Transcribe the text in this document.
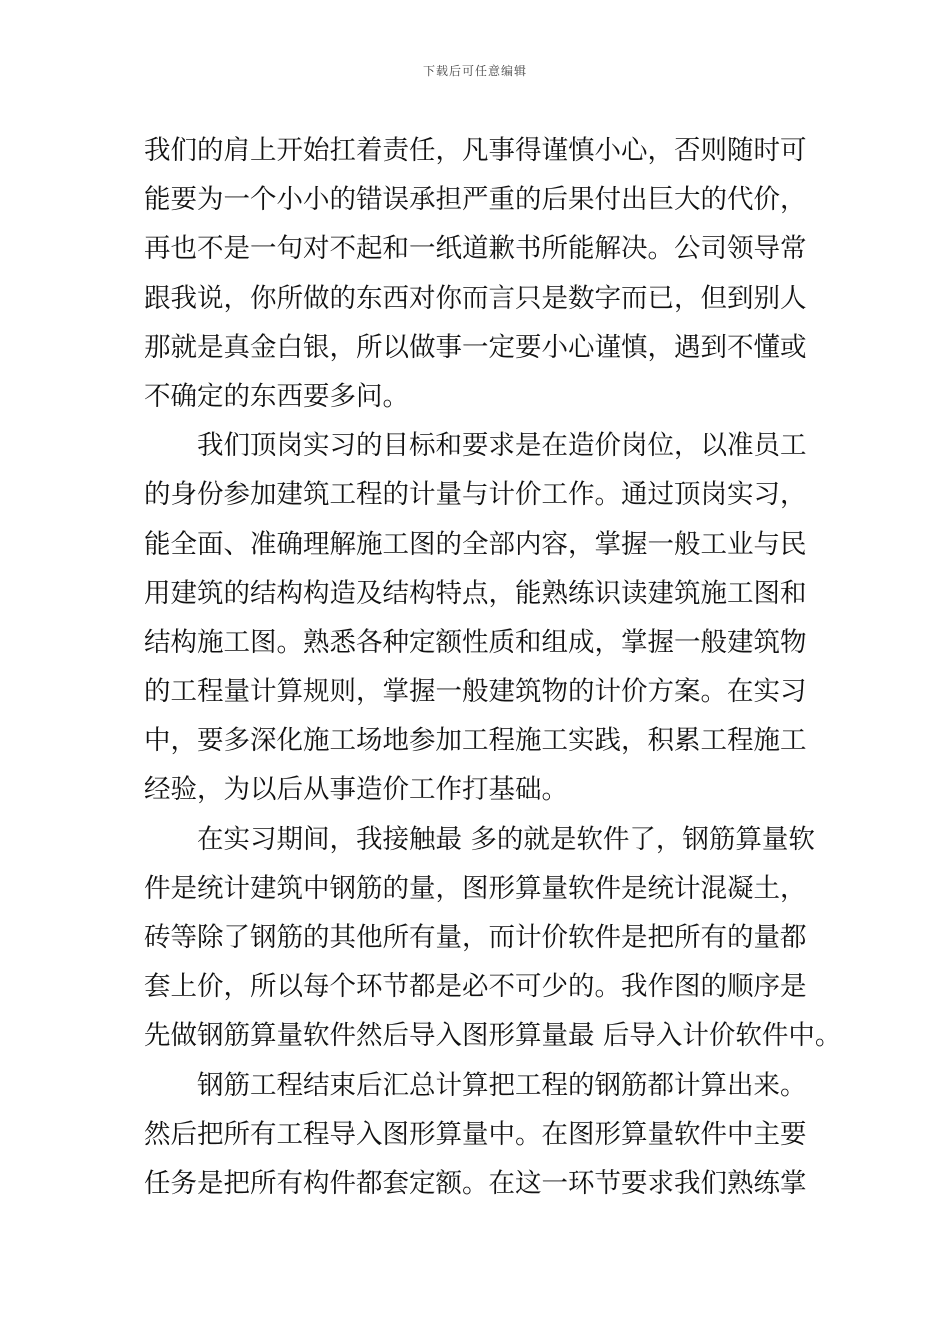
下载后可任意编辑
我们的肩上开始扛着责任，凡事得谨慎小心，否则随时可
能要为一个小小的错误承担严重的后果付出巨大的代价，
再也不是一句对不起和一纸道歉书所能解决。公司领导常
跟我说，你所做的东西对你而言只是数字而已，但到别人
那就是真金白银，所以做事一定要小心谨慎，遇到不懂或
不确定的东西要多问。
我们顶岗实习的目标和要求是在造价岗位，以准员工
的身份参加建筑工程的计量与计价工作。通过顶岗实习，
能全面、准确理解施工图的全部内容，掌握一般工业与民
用建筑的结构构造及结构特点，能熟练识读建筑施工图和
结构施工图。熟悉各种定额性质和组成，掌握一般建筑物
的工程量计算规则，掌握一般建筑物的计价方案。在实习
中，要多深化施工场地参加工程施工实践，积累工程施工
经验，为以后从事造价工作打基础。
在实习期间，我接触最 多的就是软件了，钢筋算量软
件是统计建筑中钢筋的量，图形算量软件是统计混凝土，
砖等除了钢筋的其他所有量，而计价软件是把所有的量都
套上价，所以每个环节都是必不可少的。我作图的顺序是
先做钢筋算量软件然后导入图形算量最 后导入计价软件中。
钢筋工程结束后汇总计算把工程的钢筋都计算出来。
然后把所有工程导入图形算量中。在图形算量软件中主要
任务是把所有构件都套定额。在这一环节要求我们熟练掌
